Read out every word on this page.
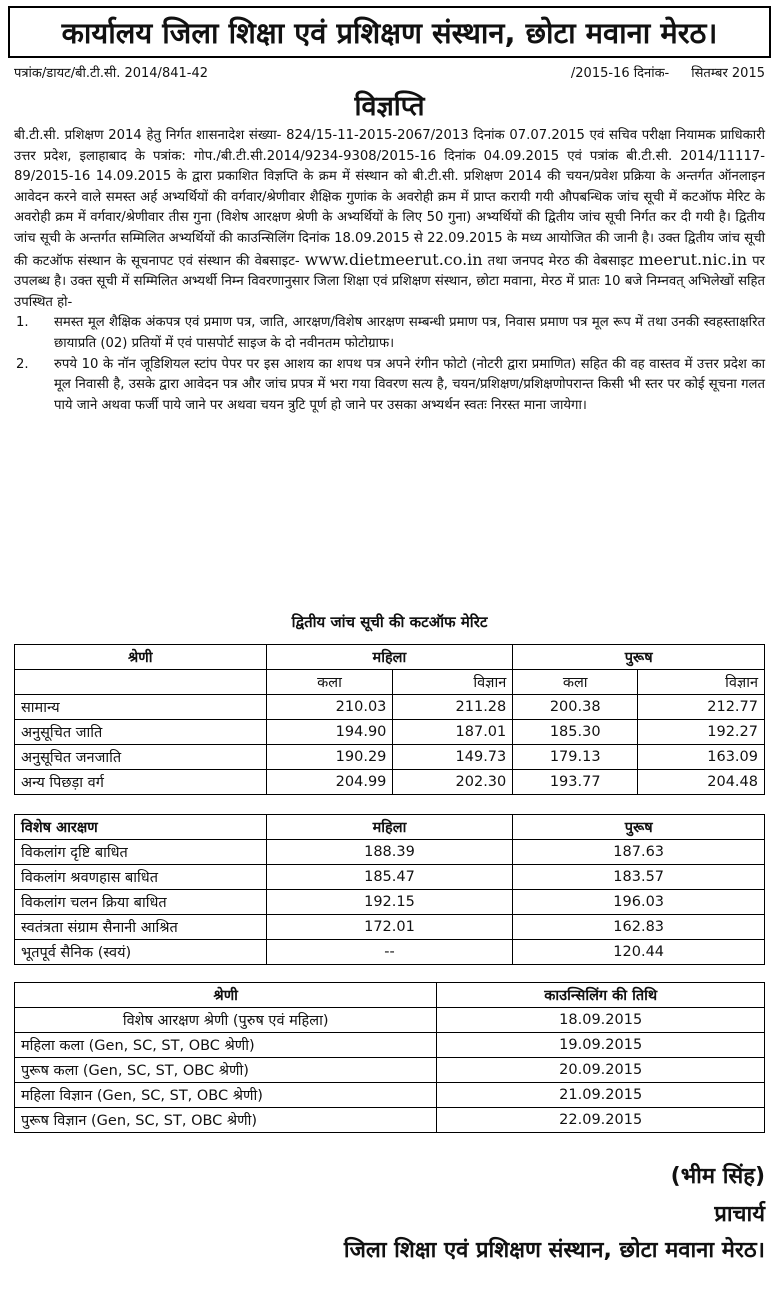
कार्यालय जिला शिक्षा एवं प्रशिक्षण संस्थान, छोटा मवाना मेरठ।
पत्रांक/डायट/बी.टी.सी. 2014/841-42	/2015-16 दिनांक- सितम्बर 2015
विज्ञप्ति

बी.टी.सी. प्रशिक्षण 2014 हेतु निर्गत शासनादेश संख्या- 824/15-11-2015-2067/2013 दिनांक 07.07.2015 एवं सचिव परीक्षा नियामक प्राधिकारी उत्तर प्रदेश, इलाहाबाद के पत्रांक: गोप./बी.टी.सी.2014/9234-9308/2015-16 दिनांक 04.09.2015 एवं पत्रांक बी.टी.सी. 2014/11117-89/2015-16 14.09.2015 के द्वारा प्रकाशित विज्ञप्ति के क्रम में संस्थान को बी.टी.सी. प्रशिक्षण 2014 की चयन/प्रवेश प्रक्रिया के अन्तर्गत ऑनलाइन आवेदन करने वाले समस्त अर्ह अभ्यर्थियों की वर्गवार/श्रेणीवार शैक्षिक गुणांक के अवरोही क्रम में प्राप्त करायी गयी औपबन्धिक जांच सूची में कटऑफ मेरिट के अवरोही क्रम में वर्गवार/श्रेणीवार तीस गुना (विशेष आरक्षण श्रेणी के अभ्यर्थियों के लिए 50 गुना) अभ्यर्थियों की द्वितीय जांच सूची निर्गत कर दी गयी है। द्वितीय जांच सूची के अन्तर्गत सम्मिलित अभ्यर्थियों की काउन्सिलिंग दिनांक 18.09.2015 से 22.09.2015 के मध्य आयोजित की जानी है। उक्त द्वितीय जांच सूची की कटऑफ संस्थान के सूचनापट एवं संस्थान की वेबसाइट- www.dietmeerut.co.in तथा जनपद मेरठ की वेबसाइट meerut.nic.in पर उपलब्ध है। उक्त सूची में सम्मिलित अभ्यर्थी निम्न विवरणानुसार जिला शिक्षा एवं प्रशिक्षण संस्थान, छोटा मवाना, मेरठ में प्रातः 10 बजे निम्नवत् अभिलेखों सहित उपस्थित हो-

1. समस्त मूल शैक्षिक अंकपत्र एवं प्रमाण पत्र, जाति, आरक्षण/विशेष आरक्षण सम्बन्धी प्रमाण पत्र, निवास प्रमाण पत्र मूल रूप में तथा उनकी स्वहस्ताक्षरित छायाप्रति (02) प्रतियों में एवं पासपोर्ट साइज के दो नवीनतम फोटोग्राफ।
2. रुपये 10 के नॉन जूडिशियल स्टांप पेपर पर इस आशय का शपथ पत्र अपने रंगीन फोटो (नोटरी द्वारा प्रमाणित) सहित की वह वास्तव में उत्तर प्रदेश का मूल निवासी है, उसके द्वारा आवेदन पत्र और जांच प्रपत्र में भरा गया विवरण सत्य है, चयन/प्रशिक्षण/प्रशिक्षणोपरान्त किसी भी स्तर पर कोई सूचना गलत पाये जाने अथवा फर्जी पाये जाने पर अथवा चयन त्रुटि पूर्ण हो जाने पर उसका अभ्यर्थन स्वतः निरस्त माना जायेगा।
द्वितीय जांच सूची की कटऑफ मेरिट
श्रेणी	महिला		पुरूष	
	कला	विज्ञान	कला	विज्ञान
सामान्य	210.03	211.28	200.38	212.77
अनुसूचित जाति	194.90	187.01	185.30	192.27
अनुसूचित जनजाति	190.29	149.73	179.13	163.09
अन्य पिछड़ा वर्ग	204.99	202.30	193.77	204.48
विशेष आरक्षण	महिला	पुरूष
विकलांग दृष्टि बाधित	188.39	187.63
विकलांग श्रवणहास बाधित	185.47	183.57
विकलांग चलन क्रिया बाधित	192.15	196.03
स्वतंत्रता संग्राम सैनानी आश्रित	172.01	162.83
भूतपूर्व सैनिक (स्वयं)	--	120.44
श्रेणी	काउन्सिलिंग की तिथि
विशेष आरक्षण श्रेणी (पुरुष एवं महिला)	18.09.2015
महिला कला (Gen, SC, ST, OBC श्रेणी)	19.09.2015
पुरूष कला (Gen, SC, ST, OBC श्रेणी)	20.09.2015
महिला विज्ञान (Gen, SC, ST, OBC श्रेणी)	21.09.2015
पुरूष विज्ञान (Gen, SC, ST, OBC श्रेणी)	22.09.2015
(भीम सिंह)
प्राचार्य
जिला शिक्षा एवं प्रशिक्षण संस्थान, छोटा मवाना मेरठ।
